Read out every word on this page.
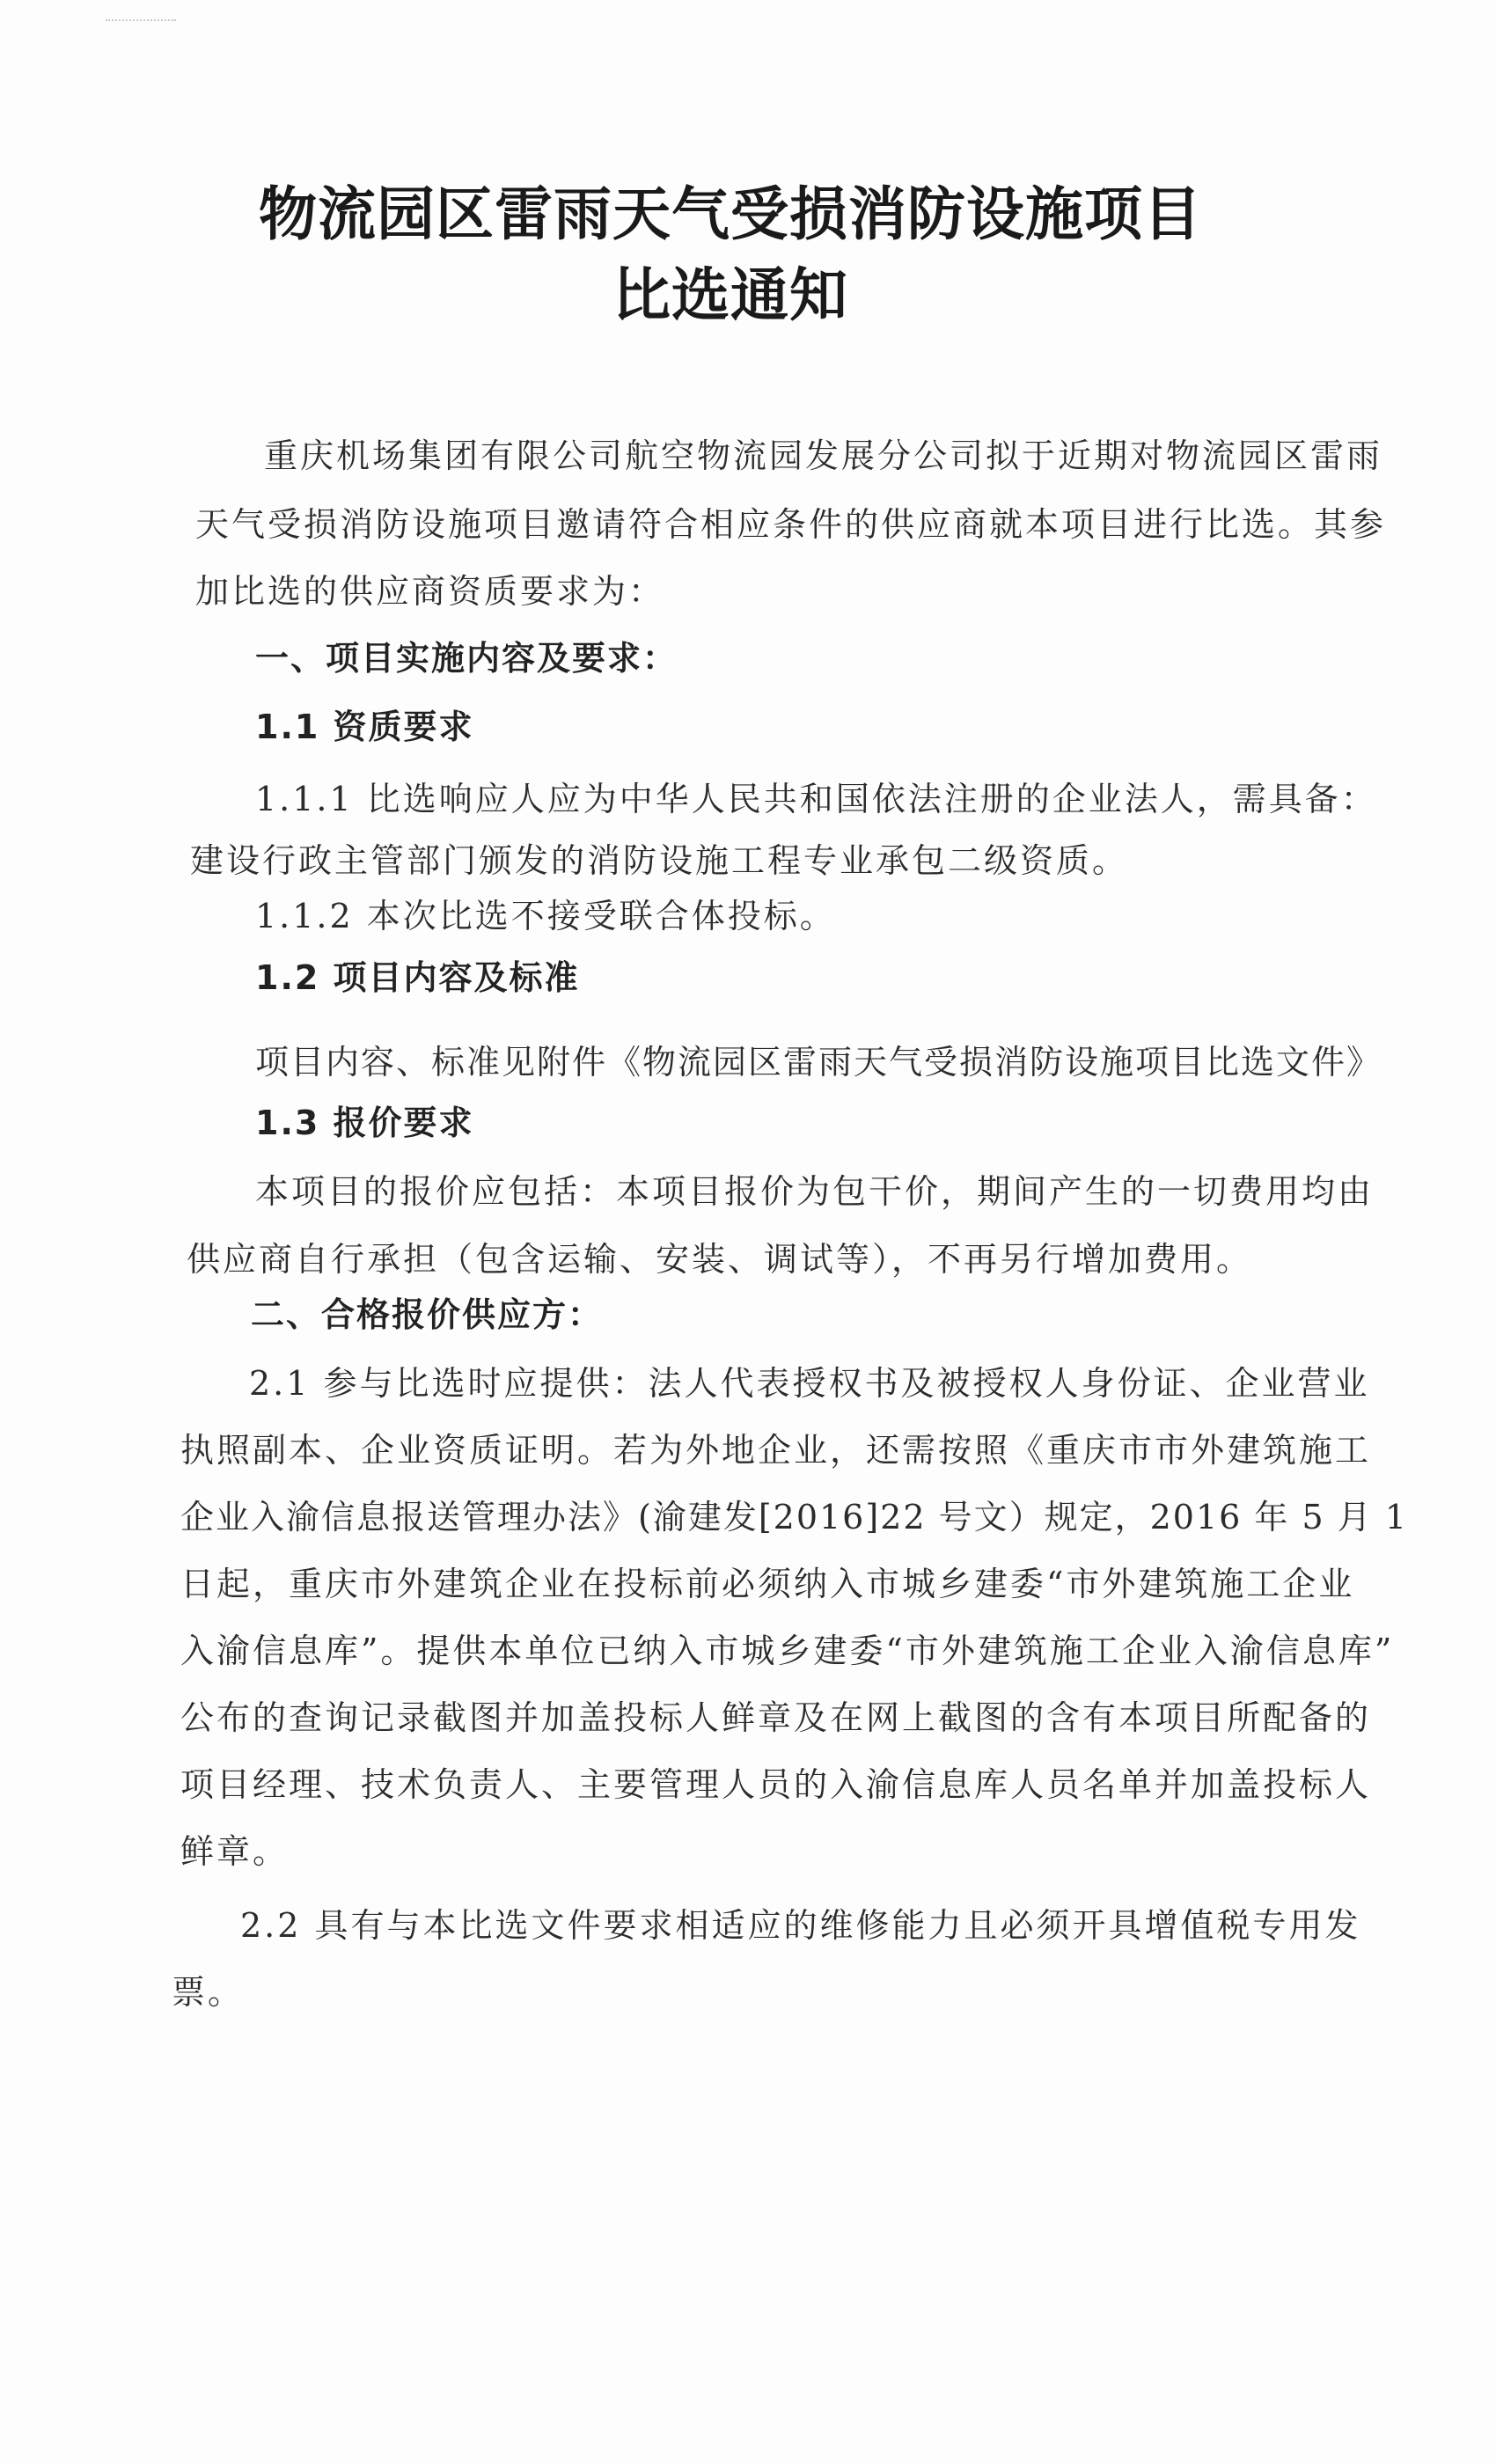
物流园区雷雨天气受损消防设施项目
比选通知
重庆机场集团有限公司航空物流园发展分公司拟于近期对物流园区雷雨
天气受损消防设施项目邀请符合相应条件的供应商就本项目进行比选。其参
加比选的供应商资质要求为：
一、项目实施内容及要求：
1.1 资质要求
1.1.1 比选响应人应为中华人民共和国依法注册的企业法人，需具备：
建设行政主管部门颁发的消防设施工程专业承包二级资质。
1.1.2 本次比选不接受联合体投标。
1.2 项目内容及标准
项目内容、标准见附件《物流园区雷雨天气受损消防设施项目比选文件》
1.3 报价要求
本项目的报价应包括：本项目报价为包干价，期间产生的一切费用均由
供应商自行承担（包含运输、安装、调试等），不再另行增加费用。
二、合格报价供应方：
2.1 参与比选时应提供：法人代表授权书及被授权人身份证、企业营业
执照副本、企业资质证明。若为外地企业，还需按照《重庆市市外建筑施工
企业入渝信息报送管理办法》(渝建发[2016]22 号文）规定，2016 年 5 月 1
日起，重庆市外建筑企业在投标前必须纳入市城乡建委“市外建筑施工企业
入渝信息库”。提供本单位已纳入市城乡建委“市外建筑施工企业入渝信息库”
公布的查询记录截图并加盖投标人鲜章及在网上截图的含有本项目所配备的
项目经理、技术负责人、主要管理人员的入渝信息库人员名单并加盖投标人
鲜章。
2.2 具有与本比选文件要求相适应的维修能力且必须开具增值税专用发
票。
